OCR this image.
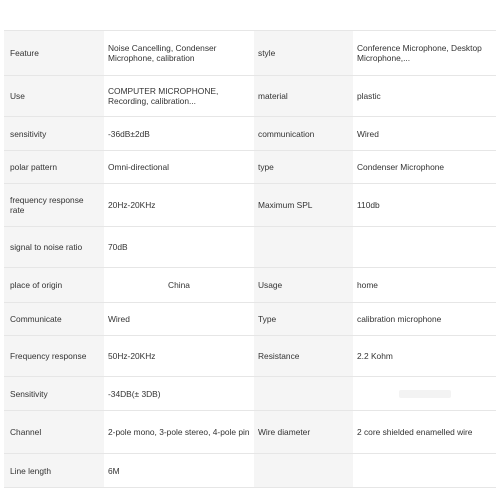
Feature	Noise Cancelling, Condenser Microphone, calibration	style	Conference Microphone, Desktop Microphone,...
Use	COMPUTER MICROPHONE, Recording, calibration...	material	plastic
sensitivity	-36dB±2dB	communication	Wired
polar pattern	Omni-directional	type	Condenser Microphone
frequency response rate	20Hz-20KHz	Maximum SPL	110db
signal to noise ratio	70dB
place of origin	China	Usage	home
Communicate	Wired	Type	calibration microphone
Frequency response	50Hz-20KHz	Resistance	2.2 Kohm
Sensitivity	-34DB(± 3DB)
Channel	2-pole mono, 3-pole stereo, 4-pole pin	Wire diameter	2 core shielded enamelled wire
Line length	6M
